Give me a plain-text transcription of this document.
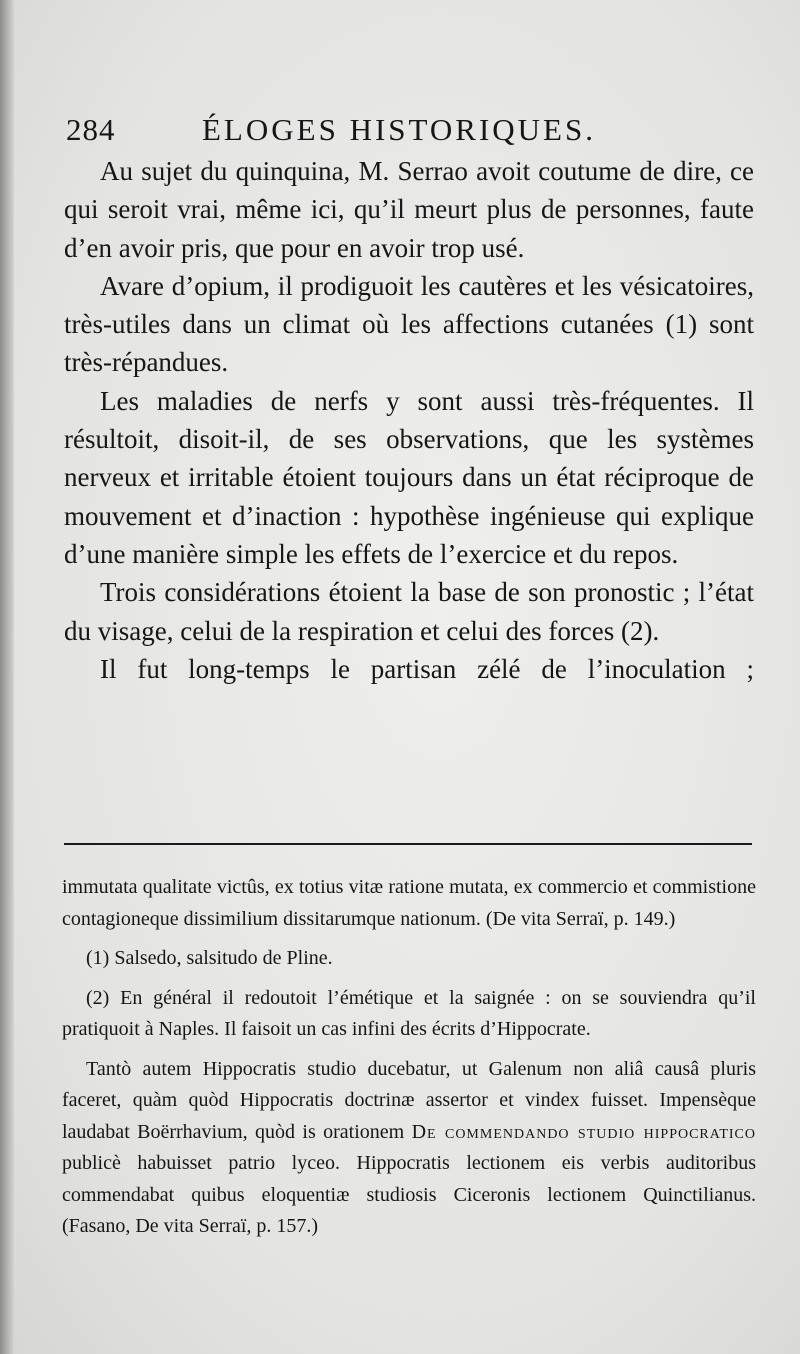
284	ÉLOGES HISTORIQUES.

Au sujet du quinquina, M. Serrao avoit coutume de dire, ce qui seroit vrai, même ici, qu’il meurt plus de personnes, faute d’en avoir pris, que pour en avoir trop usé.

Avare d’opium, il prodiguoit les cautères et les vésicatoires, très-utiles dans un climat où les affections cutanées (1) sont très-répandues.

Les maladies de nerfs y sont aussi très-fréquentes. Il résultoit, disoit-il, de ses observations, que les systèmes nerveux et irritable étoient toujours dans un état réciproque de mouvement et d’inaction : hypothèse ingénieuse qui explique d’une manière simple les effets de l’exercice et du repos.

Trois considérations étoient la base de son pronostic ; l’état du visage, celui de la respiration et celui des forces (2).

Il fut long-temps le partisan zélé de l’inoculation ;

immutata qualitate victûs, ex totius vitæ ratione mutata, ex commercio et commistione contagioneque dissimilium dissitarumque nationum. (De vita Serraï, p. 149.)

(1) Salsedo, salsitudo de Pline.

(2) En général il redoutoit l’émétique et la saignée : on se souviendra qu’il pratiquoit à Naples. Il faisoit un cas infini des écrits d’Hippocrate.

Tantò autem Hippocratis studio ducebatur, ut Galenum non aliâ causâ pluris faceret, quàm quòd Hippocratis doctrinæ assertor et vindex fuisset. Impensèque laudabat Boërrhavium, quòd is orationem De commendando studio hippocratico publicè habuisset patrio lyceo. Hippocratis lectionem eis verbis auditoribus commendabat quibus eloquentiæ studiosis Ciceronis lectionem Quinctilianus. (Fasano, De vita Serraï, p. 157.)
